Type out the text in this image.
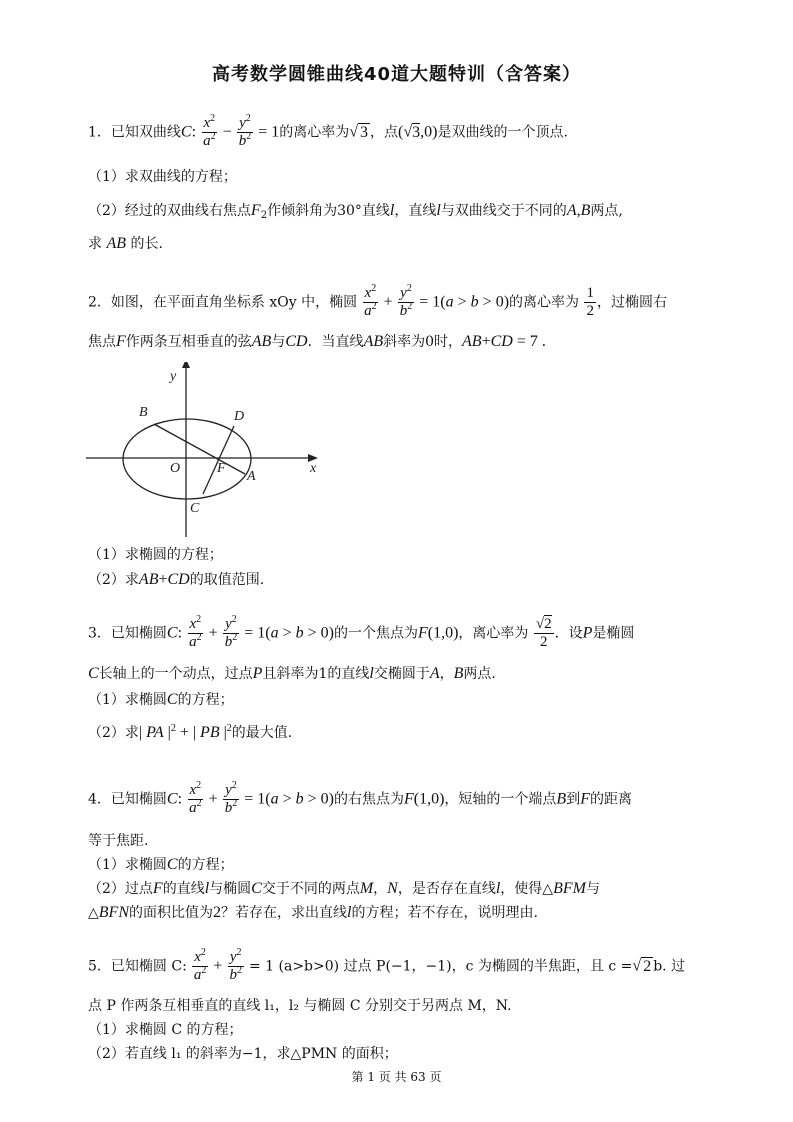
高考数学圆锥曲线40道大题特训（含答案）
1．已知双曲线C: $\frac{x^2}{a^2} - \frac{y^2}{b^2} = 1$的离心率为√ 3 ，点(√3,0)是双曲线的一个顶点.
（1）求双曲线的方程；
（2）经过的双曲线右焦点$F_2$作倾斜角为30°直线l，直线l与双曲线交于不同的A,B两点,
求 AB 的长.
2．如图，在平面直角坐标系 xOy 中，椭圆 $\frac{x^2}{a^2} + \frac{y^2}{b^2} = 1(a > b > 0)$的离心率为 $\frac{1}{2}$ ，过椭圆右
焦点F作两条互相垂直的弦AB与CD．当直线AB斜率为0时，AB+CD = 7 .
y
x
O	F
A
B
C
D
（1）求椭圆的方程；
（2）求AB+CD的取值范围.
3．已知椭圆C: $\frac{x^2}{a^2} + \frac{y^2}{b^2} = 1(a > b > 0)$的一个焦点为F(1,0)，离心率为 $\frac{√2}{2}$ ．设P是椭圆
C长轴上的一个动点，过点P且斜率为1的直线l交椭圆于A，B两点.
（1）求椭圆C的方程；
（2）求| PA $|^2$ + | PB $|^2$的最大值.
4．已知椭圆C: $\frac{x^2}{a^2} + \frac{y^2}{b^2} = 1(a > b > 0)$的右焦点为F(1,0)，短轴的一个端点B到F的距离
等于焦距.
（1）求椭圆C的方程；
（2）过点F的直线l与椭圆C交于不同的两点M，N，是否存在直线l，使得△BFM与
△BFN的面积比值为2？若存在，求出直线l的方程；若不存在，说明理由.
5．已知椭圆 C: $\frac{x^2}{a^2} + \frac{y^2}{b^2} = 1$ (a>b>0) 过点 P(−1，−1)，c 为椭圆的半焦距，且 c =√ 2 b. 过
点 P 作两条互相垂直的直线 l₁，l₂ 与椭圆 C 分别交于另两点 M，N.
（1）求椭圆 C 的方程；
（2）若直线 l₁ 的斜率为−1，求△PMN 的面积；
第 1 页 共 63 页
